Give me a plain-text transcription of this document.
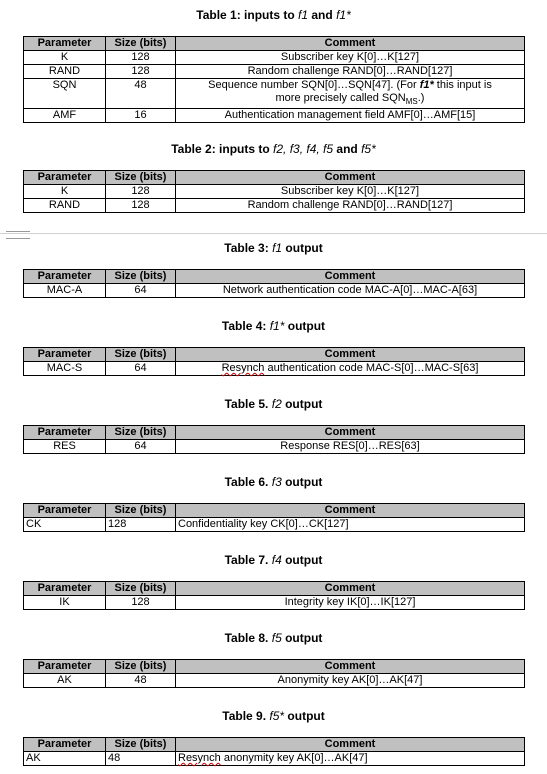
Table 1: inputs to f1 and f1*
Parameter	Size (bits)	Comment
K	128	Subscriber key K[0]…K[127]
RAND	128	Random challenge RAND[0]…RAND[127]
SQN	48	Sequence number SQN[0]…SQN[47]. (For f1* this input is
more precisely called $SQN_{MS}$.)
AMF	16	Authentication management field AMF[0]…AMF[15]
Table 2: inputs to f2, f3, f4, f5 and f5*
Parameter	Size (bits)	Comment
K	128	Subscriber key K[0]…K[127]
RAND	128	Random challenge RAND[0]…RAND[127]
Table 3: f1 output
Parameter	Size (bits)	Comment
MAC-A	64	Network authentication code MAC-A[0]…MAC-A[63]
Table 4: f1* output
Parameter	Size (bits)	Comment
MAC-S	64	Resynch authentication code MAC-S[0]…MAC-S[63]
Table 5. f2 output
Parameter	Size (bits)	Comment
RES	64	Response RES[0]…RES[63]
Table 6. f3 output
Parameter	Size (bits)	Comment
CK	128	Confidentiality key CK[0]…CK[127]
Table 7. f4 output
Parameter	Size (bits)	Comment
IK	128	Integrity key IK[0]…IK[127]
Table 8. f5 output
Parameter	Size (bits)	Comment
AK	48	Anonymity key AK[0]…AK[47]
Table 9. f5* output
Parameter	Size (bits)	Comment
AK	48	Resynch anonymity key AK[0]…AK[47]
